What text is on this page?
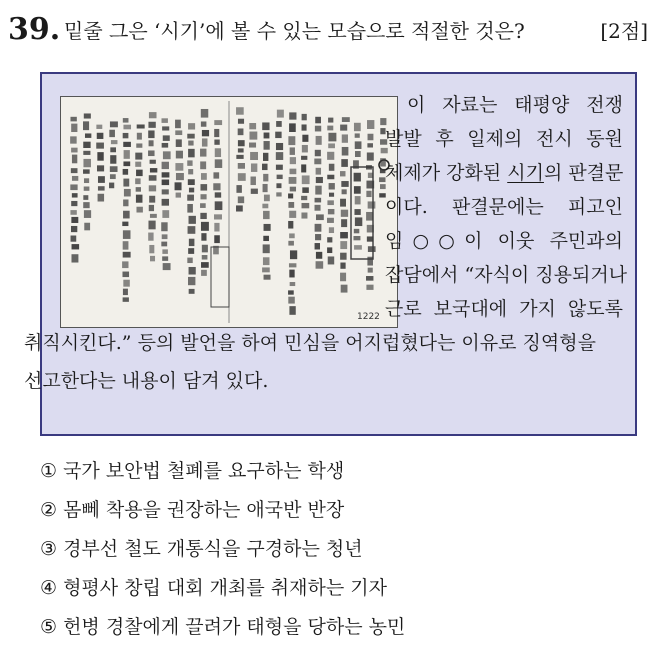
39. 밑줄 그은 ‘시기’에 볼 수 있는 모습으로 적절한 것은?	[2점]
1222
이 자료는 태평양 전쟁
발발 후 일제의 전시 동원
체제가 강화된 시기의 판결문
이다. 판결문에는 피고인
임○○이 이웃 주민과의
잡담에서 “자식이 징용되거나
근로 보국대에 가지 않도록
취직시킨다.” 등의 발언을 하여 민심을 어지럽혔다는 이유로 징역형을
선고한다는 내용이 담겨 있다.
① 국가 보안법 철폐를 요구하는 학생
② 몸뻬 착용을 권장하는 애국반 반장
③ 경부선 철도 개통식을 구경하는 청년
④ 형평사 창립 대회 개최를 취재하는 기자
⑤ 헌병 경찰에게 끌려가 태형을 당하는 농민
